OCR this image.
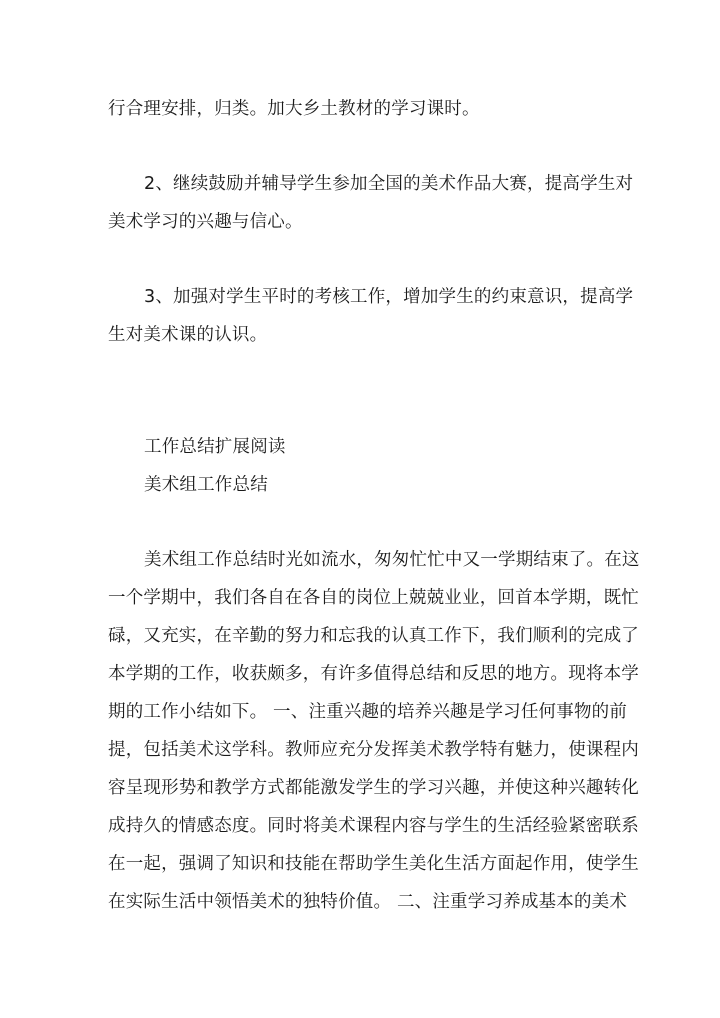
行合理安排，归类。加大乡土教材的学习课时。
2、继续鼓励并辅导学生参加全国的美术作品大赛，提高学生对
美术学习的兴趣与信心。
3、加强对学生平时的考核工作，增加学生的约束意识，提高学
生对美术课的认识。
工作总结扩展阅读
美术组工作总结
美术组工作总结时光如流水，匆匆忙忙中又一学期结束了。在这
一个学期中，我们各自在各自的岗位上兢兢业业，回首本学期，既忙
碌，又充实，在辛勤的努力和忘我的认真工作下，我们顺利的完成了
本学期的工作，收获颇多，有许多值得总结和反思的地方。现将本学
期的工作小结如下。 一、注重兴趣的培养兴趣是学习任何事物的前
提，包括美术这学科。教师应充分发挥美术教学特有魅力，使课程内
容呈现形势和教学方式都能激发学生的学习兴趣，并使这种兴趣转化
成持久的情感态度。同时将美术课程内容与学生的生活经验紧密联系
在一起，强调了知识和技能在帮助学生美化生活方面起作用，使学生
在实际生活中领悟美术的独特价值。 二、注重学习养成基本的美术
